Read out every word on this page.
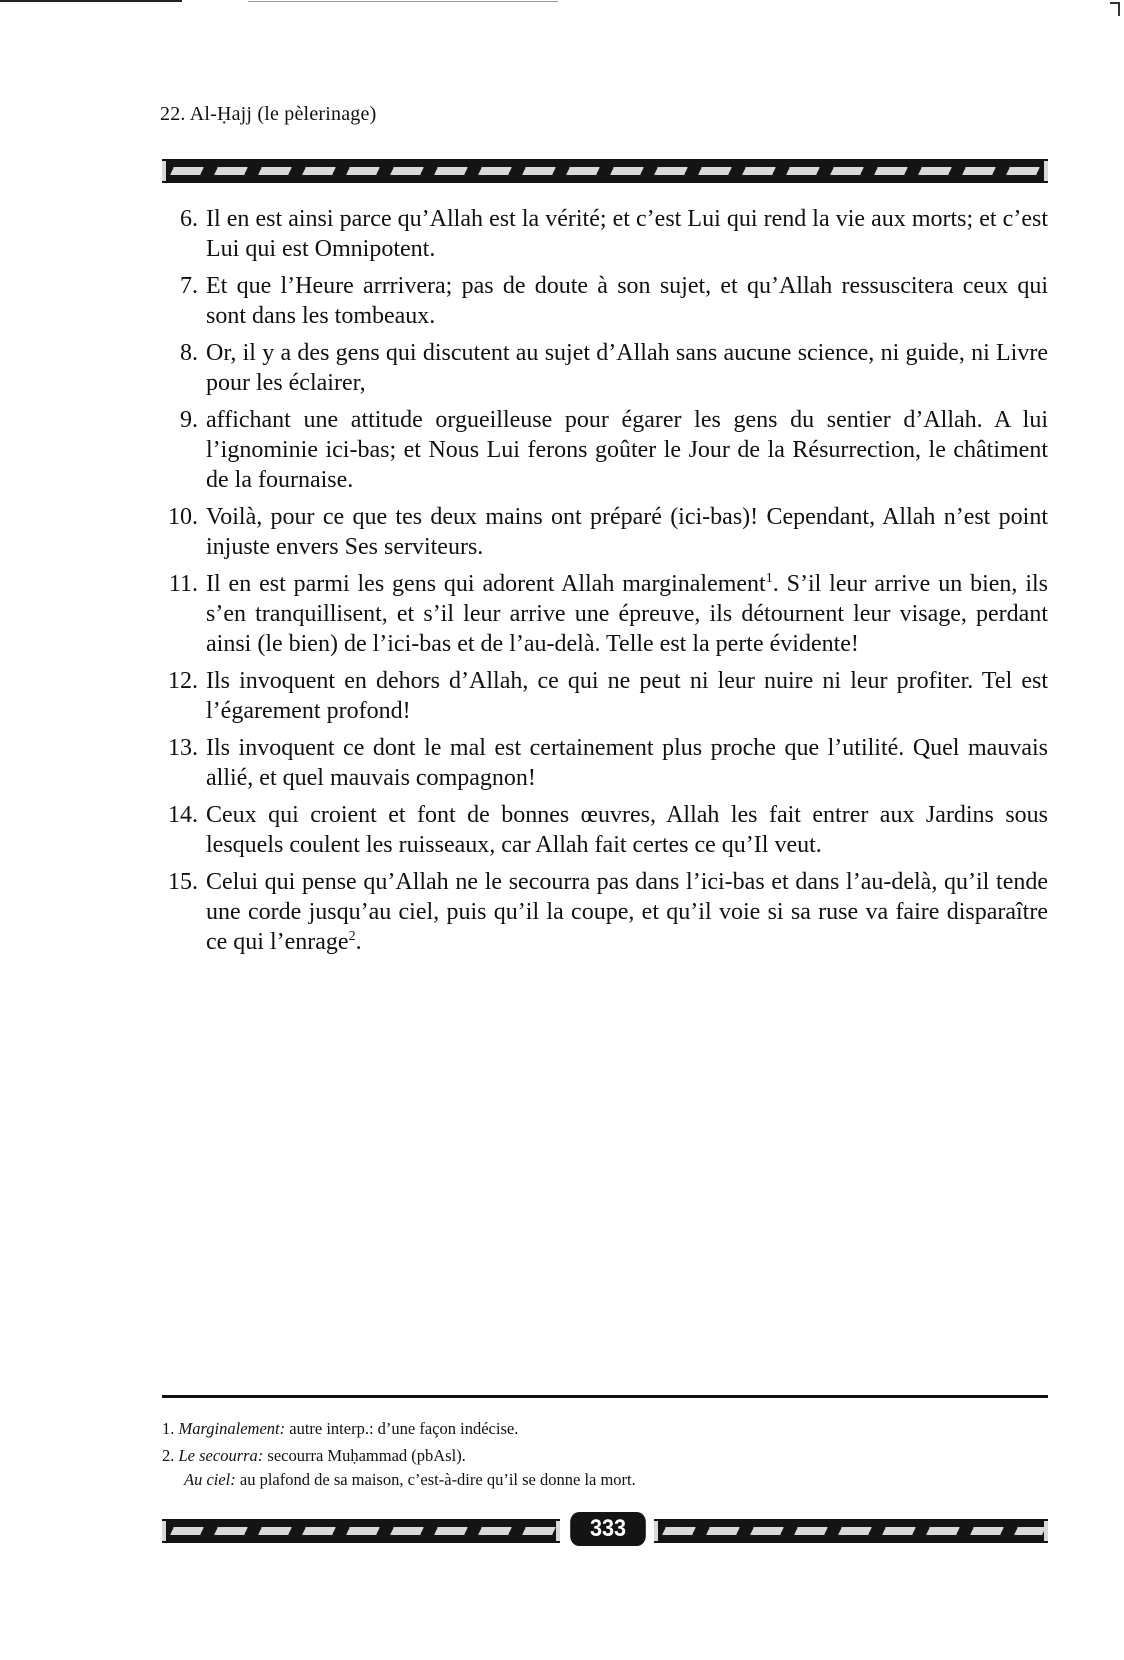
22. Al-Ḥajj (le pèlerinage)
6. Il en est ainsi parce qu’Allah est la vérité; et c’est Lui qui rend la vie aux morts; et c’est Lui qui est Omnipotent.
7. Et que l’Heure arrrivera; pas de doute à son sujet, et qu’Allah ressuscitera ceux qui sont dans les tombeaux.
8. Or, il y a des gens qui discutent au sujet d’Allah sans aucune science, ni guide, ni Livre pour les éclairer,
9. affichant une attitude orgueilleuse pour égarer les gens du sentier d’Allah. A lui l’ignominie ici-bas; et Nous Lui ferons goûter le Jour de la Résurrection, le châtiment de la fournaise.
10. Voilà, pour ce que tes deux mains ont préparé (ici-bas)! Cependant, Allah n’est point injuste envers Ses serviteurs.
11. Il en est parmi les gens qui adorent Allah marginalement$^1$. S’il leur arrive un bien, ils s’en tranquillisent, et s’il leur arrive une épreuve, ils détournent leur visage, perdant ainsi (le bien) de l’ici-bas et de l’au-delà. Telle est la perte évidente!
12. Ils invoquent en dehors d’Allah, ce qui ne peut ni leur nuire ni leur profiter. Tel est l’égarement profond!
13. Ils invoquent ce dont le mal est certainement plus proche que l’utilité. Quel mauvais allié, et quel mauvais compagnon!
14. Ceux qui croient et font de bonnes œuvres, Allah les fait entrer aux Jardins sous lesquels coulent les ruisseaux, car Allah fait certes ce qu’Il veut.
15. Celui qui pense qu’Allah ne le secourra pas dans l’ici-bas et dans l’au-delà, qu’il tende une corde jusqu’au ciel, puis qu’il la coupe, et qu’il voie si sa ruse va faire disparaître ce qui l’enrage$^2$.
1. Marginalement: autre interp.: d’une façon indécise.
2. Le secourra: secourra Muḥammad (pbAsl).
Au ciel: au plafond de sa maison, c’est-à-dire qu’il se donne la mort.
333
